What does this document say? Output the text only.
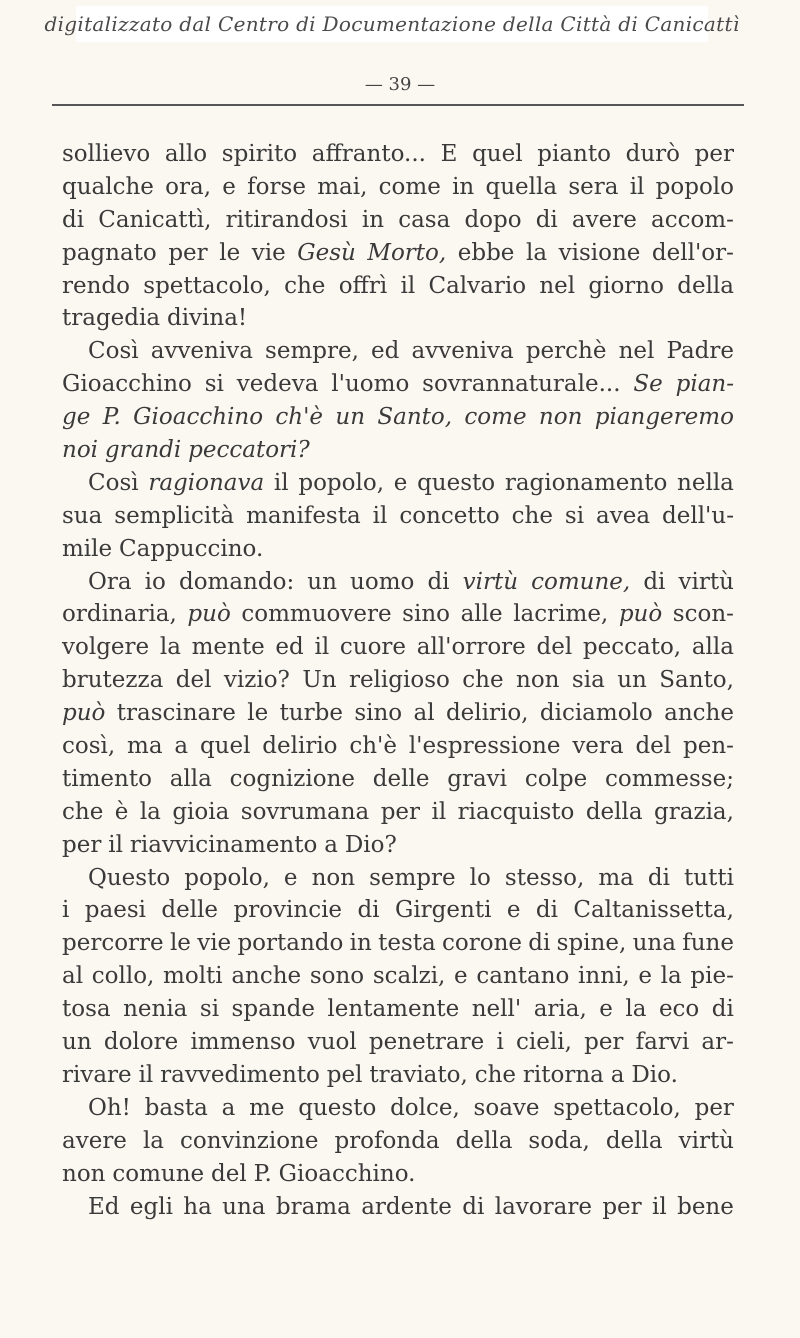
digitalizzato dal Centro di Documentazione della Città di Canicattì
— 39 —
sollievo allo spirito affranto... E quel pianto durò per
qualche ora, e forse mai, come in quella sera il popolo
di Canicattì, ritirandosi in casa dopo di avere accom-
pagnato per le vie Gesù Morto, ebbe la visione dell'or-
rendo spettacolo, che offrì il Calvario nel giorno della
tragedia divina!
Così avveniva sempre, ed avveniva perchè nel Padre
Gioacchino si vedeva l'uomo sovrannaturale... Se pian-
ge P. Gioacchino ch'è un Santo, come non piangeremo
noi grandi peccatori?
Così ragionava il popolo, e questo ragionamento nella
sua semplicità manifesta il concetto che si avea dell'u-
mile Cappuccino.
Ora io domando: un uomo di virtù comune, di virtù
ordinaria, può commuovere sino alle lacrime, può scon-
volgere la mente ed il cuore all'orrore del peccato, alla
brutezza del vizio? Un religioso che non sia un Santo,
può trascinare le turbe sino al delirio, diciamolo anche
così, ma a quel delirio ch'è l'espressione vera del pen-
timento alla cognizione delle gravi colpe commesse;
che è la gioia sovrumana per il riacquisto della grazia,
per il riavvicinamento a Dio?
Questo popolo, e non sempre lo stesso, ma di tutti
i paesi delle provincie di Girgenti e di Caltanissetta,
percorre le vie portando in testa corone di spine, una fune
al collo, molti anche sono scalzi, e cantano inni, e la pie-
tosa nenia si spande lentamente nell' aria, e la eco di
un dolore immenso vuol penetrare i cieli, per farvi ar-
rivare il ravvedimento pel traviato, che ritorna a Dio.
Oh! basta a me questo dolce, soave spettacolo, per
avere la convinzione profonda della soda, della virtù
non comune del P. Gioacchino.
Ed egli ha una brama ardente di lavorare per il bene
